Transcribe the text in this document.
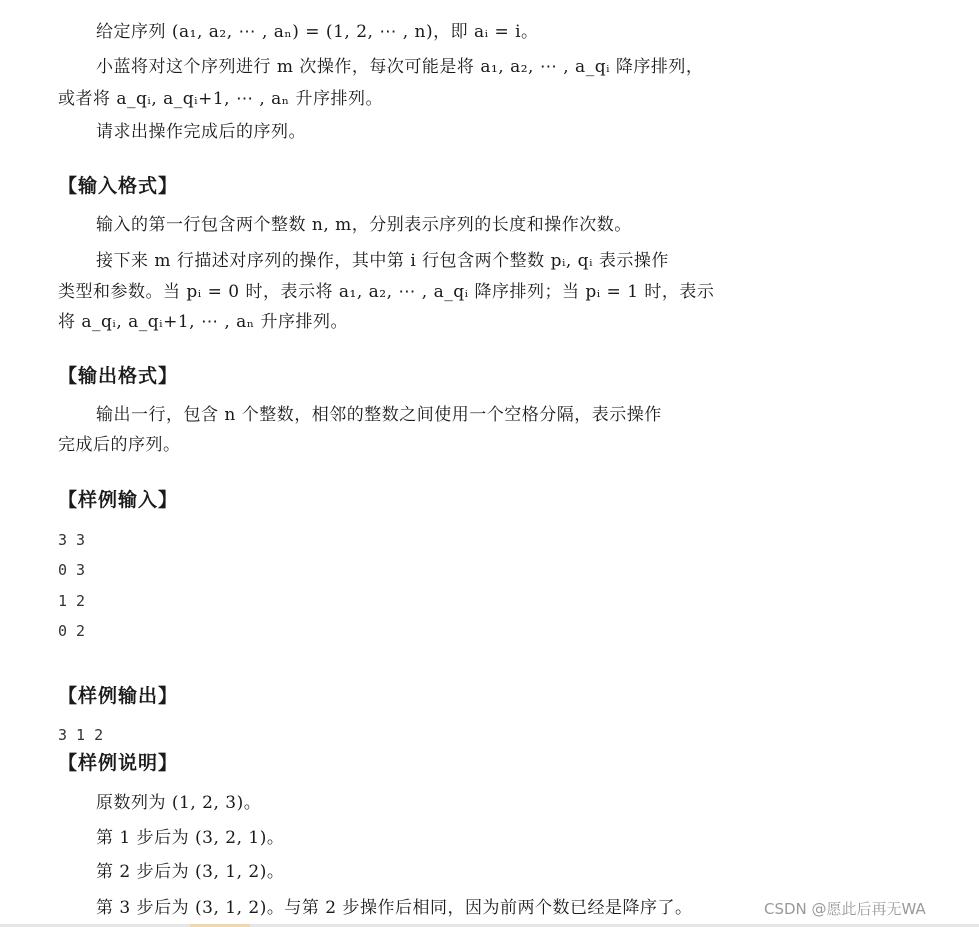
给定序列 (a₁, a₂, ⋯ , aₙ) = (1, 2, ⋯ , n)，即 aᵢ = i。
小蓝将对这个序列进行 m 次操作，每次可能是将 a₁, a₂, ⋯ , a_qᵢ 降序排列，
或者将 a_qᵢ, a_qᵢ+1, ⋯ , aₙ 升序排列。
请求出操作完成后的序列。
【输入格式】
输入的第一行包含两个整数 n, m，分别表示序列的长度和操作次数。
接下来 m 行描述对序列的操作，其中第 i 行包含两个整数 pᵢ, qᵢ 表示操作
类型和参数。当 pᵢ = 0 时，表示将 a₁, a₂, ⋯ , a_qᵢ 降序排列；当 pᵢ = 1 时，表示
将 a_qᵢ, a_qᵢ+1, ⋯ , aₙ 升序排列。
【输出格式】
输出一行，包含 n 个整数，相邻的整数之间使用一个空格分隔，表示操作
完成后的序列。
【样例输入】
3 3
0 3
1 2
0 2
【样例输出】
3 1 2
【样例说明】
原数列为 (1, 2, 3)。
第 1 步后为 (3, 2, 1)。
第 2 步后为 (3, 1, 2)。
第 3 步后为 (3, 1, 2)。与第 2 步操作后相同，因为前两个数已经是降序了。	CSDN @愿此后再无WA
